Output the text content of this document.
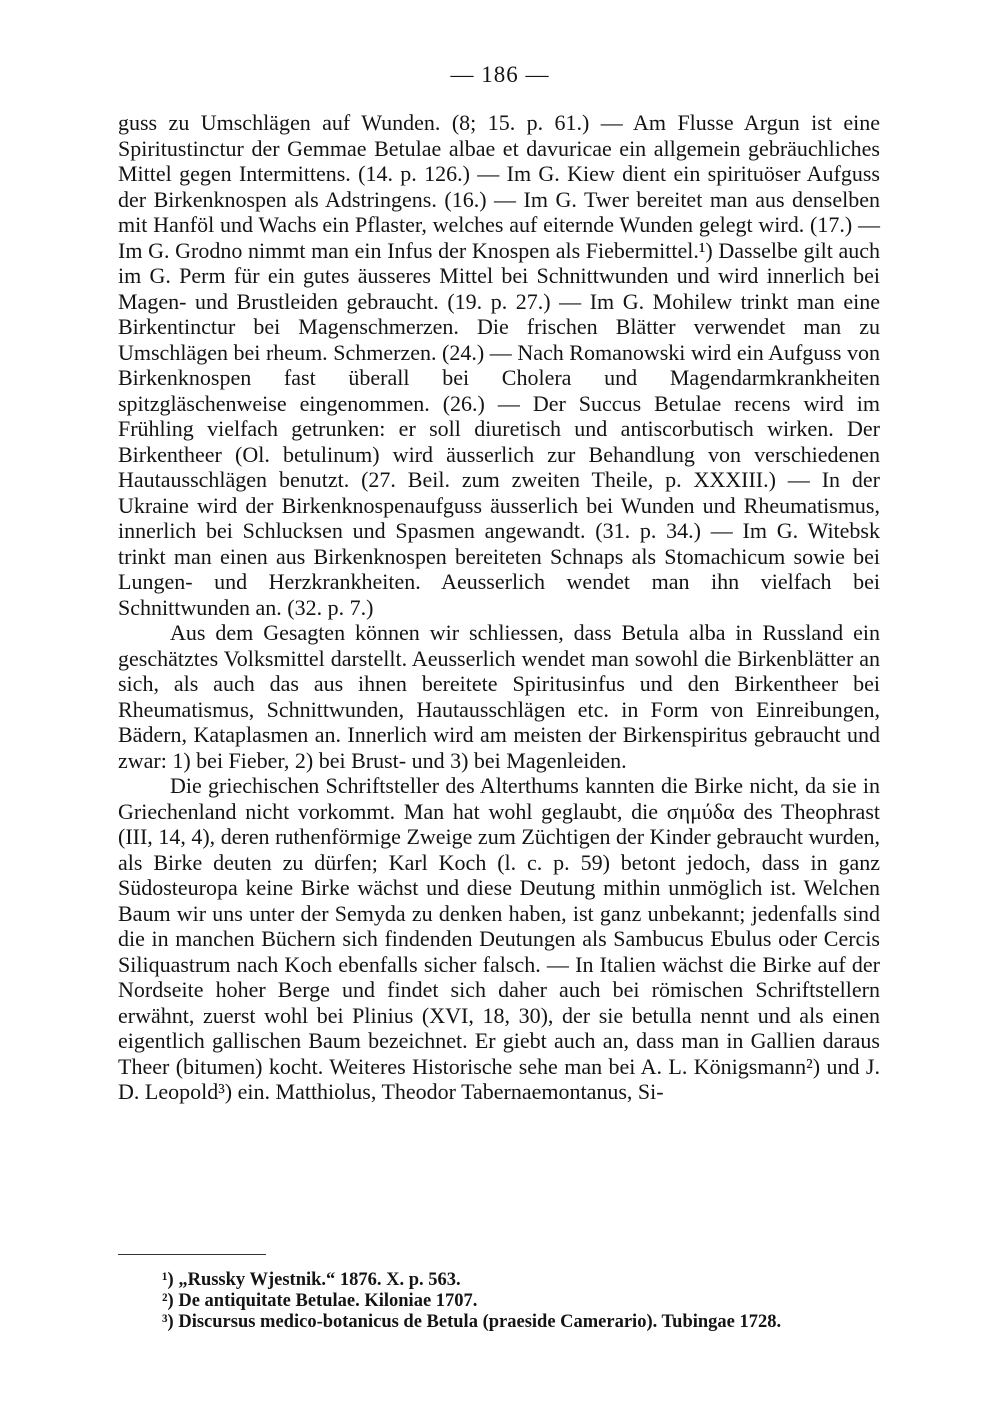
— 186 —

guss zu Umschlägen auf Wunden. (8; 15. p. 61.) — Am Flusse Argun ist eine Spiritustinctur der Gemmae Betulae albae et davuricae ein allgemein gebräuchliches Mittel gegen Intermittens. (14. p. 126.) — Im G. Kiew dient ein spirituöser Aufguss der Birkenknospen als Adstringens. (16.) — Im G. Twer bereitet man aus denselben mit Hanföl und Wachs ein Pflaster, welches auf eiternde Wunden gelegt wird. (17.) — Im G. Grodno nimmt man ein Infus der Knospen als Fiebermittel.¹) Dasselbe gilt auch im G. Perm für ein gutes äusseres Mittel bei Schnittwunden und wird innerlich bei Magen- und Brustleiden gebraucht. (19. p. 27.) — Im G. Mohilew trinkt man eine Birkentinctur bei Magenschmerzen. Die frischen Blätter verwendet man zu Umschlägen bei rheum. Schmerzen. (24.) — Nach Romanowski wird ein Aufguss von Birkenknospen fast überall bei Cholera und Magendarmkrankheiten spitzgläschenweise eingenommen. (26.) — Der Succus Betulae recens wird im Frühling vielfach getrunken: er soll diuretisch und antiscorbutisch wirken. Der Birkentheer (Ol. betulinum) wird äusserlich zur Behandlung von verschiedenen Hautausschlägen benutzt. (27. Beil. zum zweiten Theile, p. XXXIII.) — In der Ukraine wird der Birkenknospenaufguss äusserlich bei Wunden und Rheumatismus, innerlich bei Schlucksen und Spasmen angewandt. (31. p. 34.) — Im G. Witebsk trinkt man einen aus Birkenknospen bereiteten Schnaps als Stomachicum sowie bei Lungen- und Herzkrankheiten. Aeusserlich wendet man ihn vielfach bei Schnittwunden an. (32. p. 7.)

Aus dem Gesagten können wir schliessen, dass Betula alba in Russland ein geschätztes Volksmittel darstellt. Aeusserlich wendet man sowohl die Birkenblätter an sich, als auch das aus ihnen bereitete Spiritusinfus und den Birkentheer bei Rheumatismus, Schnittwunden, Hautausschlägen etc. in Form von Einreibungen, Bädern, Kataplasmen an. Innerlich wird am meisten der Birkenspiritus gebraucht und zwar: 1) bei Fieber, 2) bei Brust- und 3) bei Magenleiden.

Die griechischen Schriftsteller des Alterthums kannten die Birke nicht, da sie in Griechenland nicht vorkommt. Man hat wohl geglaubt, die σημύδα des Theophrast (III, 14, 4), deren ruthenförmige Zweige zum Züchtigen der Kinder gebraucht wurden, als Birke deuten zu dürfen; Karl Koch (l. c. p. 59) betont jedoch, dass in ganz Südosteuropa keine Birke wächst und diese Deutung mithin unmöglich ist. Welchen Baum wir uns unter der Semyda zu denken haben, ist ganz unbekannt; jedenfalls sind die in manchen Büchern sich findenden Deutungen als Sambucus Ebulus oder Cercis Siliquastrum nach Koch ebenfalls sicher falsch. — In Italien wächst die Birke auf der Nordseite hoher Berge und findet sich daher auch bei römischen Schriftstellern erwähnt, zuerst wohl bei Plinius (XVI, 18, 30), der sie betulla nennt und als einen eigentlich gallischen Baum bezeichnet. Er giebt auch an, dass man in Gallien daraus Theer (bitumen) kocht. Weiteres Historische sehe man bei A. L. Königsmann²) und J. D. Leopold³) ein. Matthiolus, Theodor Tabernaemontanus, Si-

¹) „Russky Wjestnik.“ 1876. X. p. 563.

²) De antiquitate Betulae. Kiloniae 1707.

³) Discursus medico-botanicus de Betula (praeside Camerario). Tubingae 1728.
